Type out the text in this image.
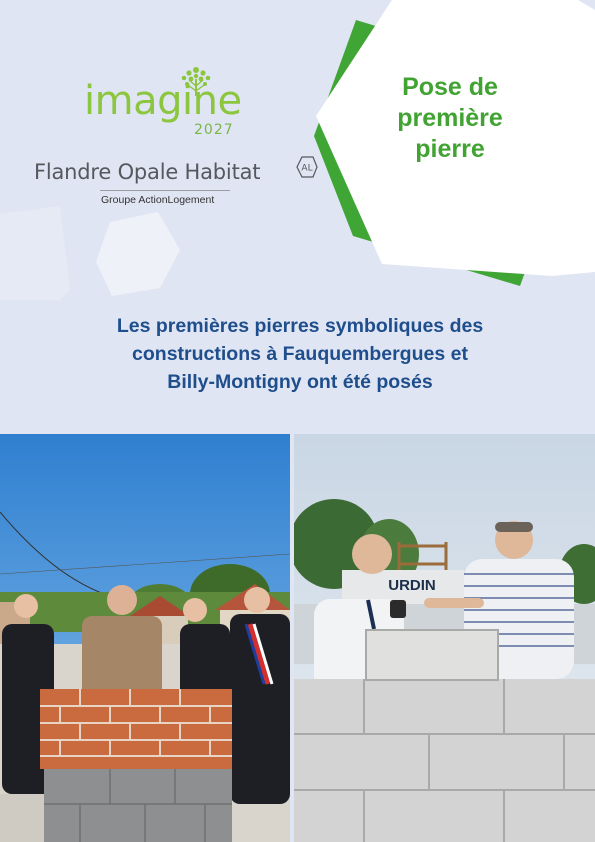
imagine
2027
Flandre Opale Habitat	AL
Groupe ActionLogement
Pose de
première
pierre
Les premières pierres symboliques des
constructions à Fauquembergues et
Billy-Montigny ont été posés
URDIN
